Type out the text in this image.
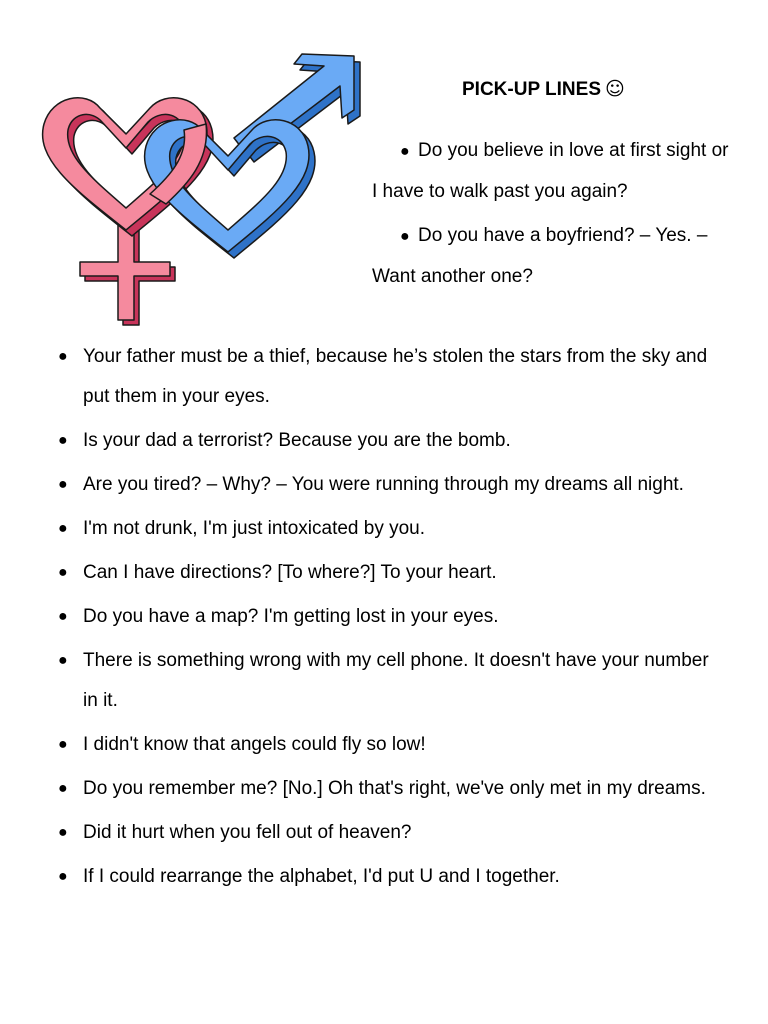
PICK-UP LINES ☺
● Do you believe in love at first sight or I have to walk past you again?
● Do you have a boyfriend? – Yes. – Want another one?
● Your father must be a thief, because he’s stolen the stars from the sky and put them in your eyes.
● Is your dad a terrorist? Because you are the bomb.
● Are you tired? – Why? – You were running through my dreams all night.
● I'm not drunk, I'm just intoxicated by you.
● Can I have directions? [To where?] To your heart.
● Do you have a map? I'm getting lost in your eyes.
● There is something wrong with my cell phone. It doesn't have your number in it.
● I didn't know that angels could fly so low!
● Do you remember me? [No.] Oh that's right, we've only met in my dreams.
● Did it hurt when you fell out of heaven?
● If I could rearrange the alphabet, I'd put U and I together.
